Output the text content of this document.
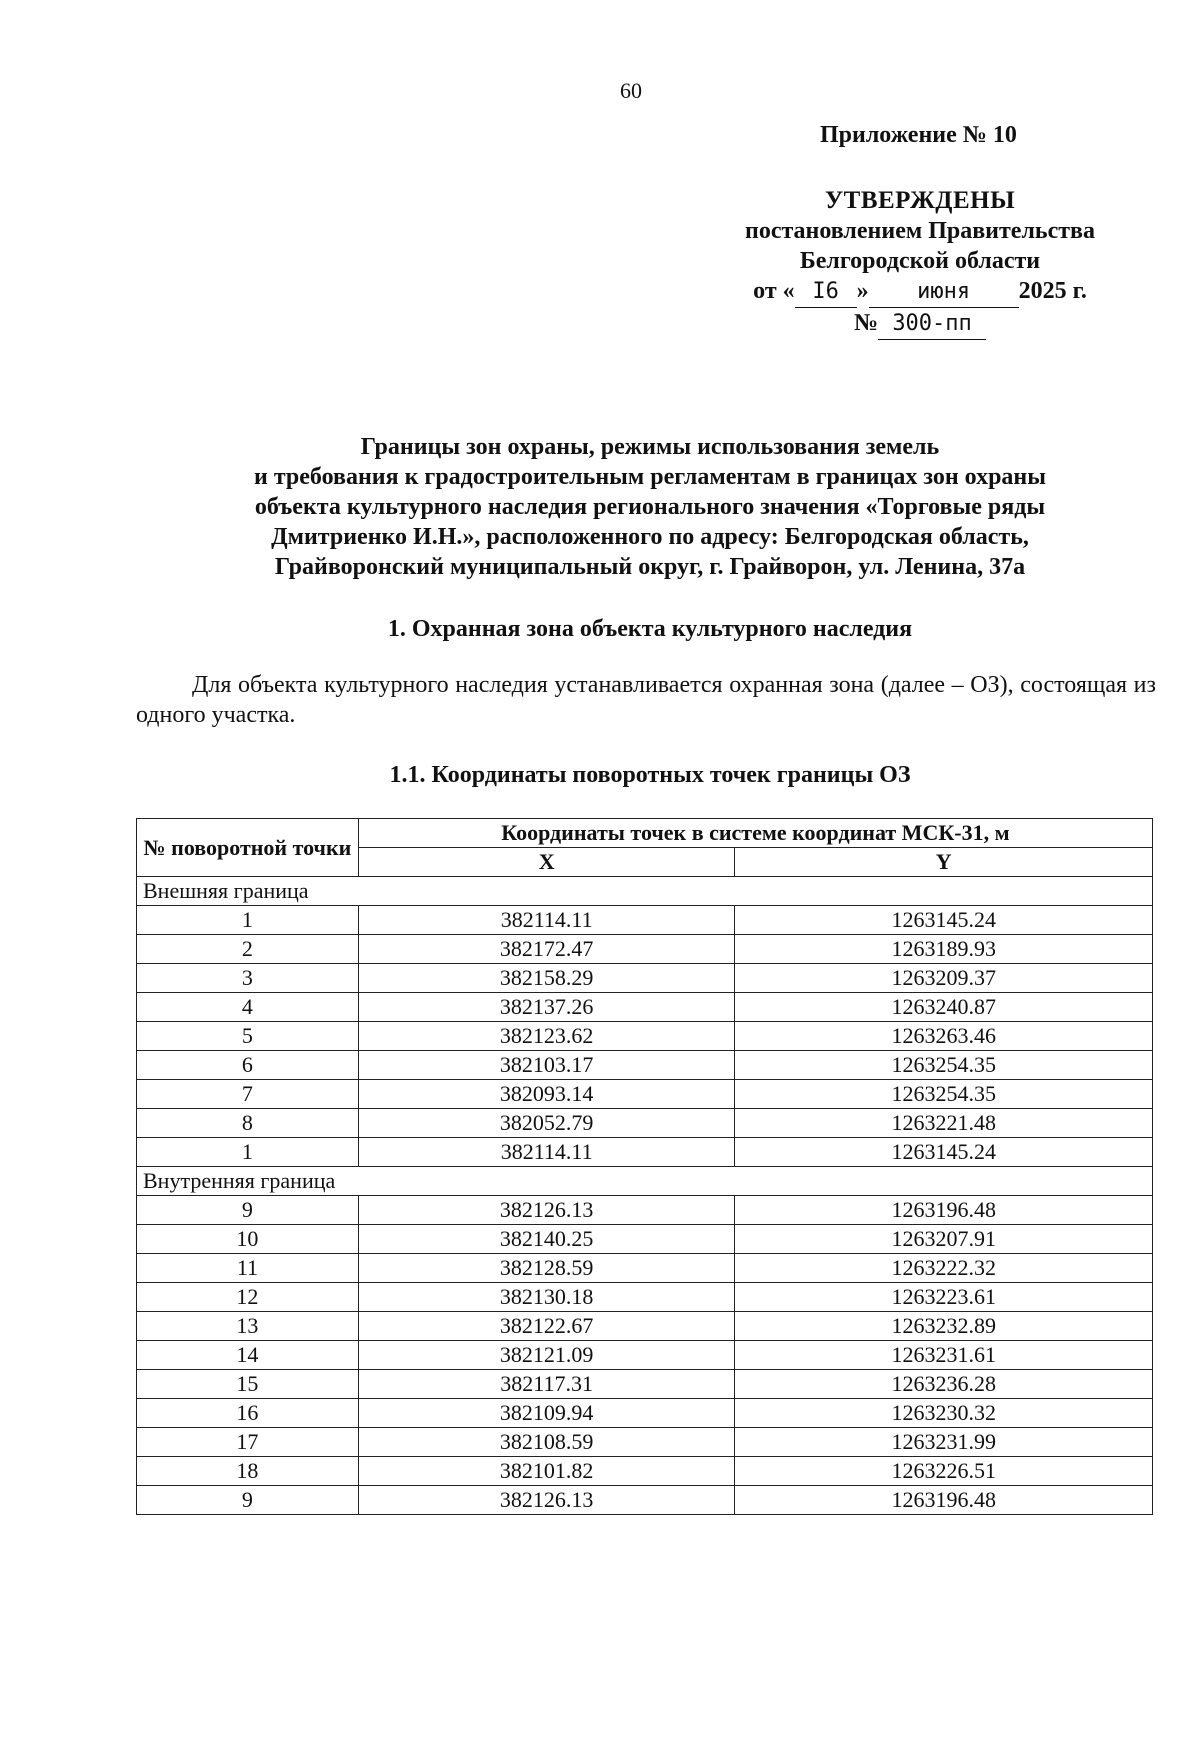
60
Приложение № 10
УТВЕРЖДЕНЫ
постановлением Правительства
Белгородской области
от « I6 » июня 2025 г.
№ 300-пп
Границы зон охраны, режимы использования земель
и требования к градостроительным регламентам в границах зон охраны
объекта культурного наследия регионального значения «Торговые ряды
Дмитриенко И.Н.», расположенного по адресу: Белгородская область,
Грайворонский муниципальный округ, г. Грайворон, ул. Ленина, 37а
1. Охранная зона объекта культурного наследия
Для объекта культурного наследия устанавливается охранная зона (далее – ОЗ), состоящая из одного участка.
1.1. Координаты поворотных точек границы ОЗ
№ поворотной точки	Координаты точек в системе координат МСК-31, м	
	X	Y
Внешняя граница		
1	382114.11	1263145.24
2	382172.47	1263189.93
3	382158.29	1263209.37
4	382137.26	1263240.87
5	382123.62	1263263.46
6	382103.17	1263254.35
7	382093.14	1263254.35
8	382052.79	1263221.48
1	382114.11	1263145.24
Внутренняя граница		
9	382126.13	1263196.48
10	382140.25	1263207.91
11	382128.59	1263222.32
12	382130.18	1263223.61
13	382122.67	1263232.89
14	382121.09	1263231.61
15	382117.31	1263236.28
16	382109.94	1263230.32
17	382108.59	1263231.99
18	382101.82	1263226.51
9	382126.13	1263196.48
